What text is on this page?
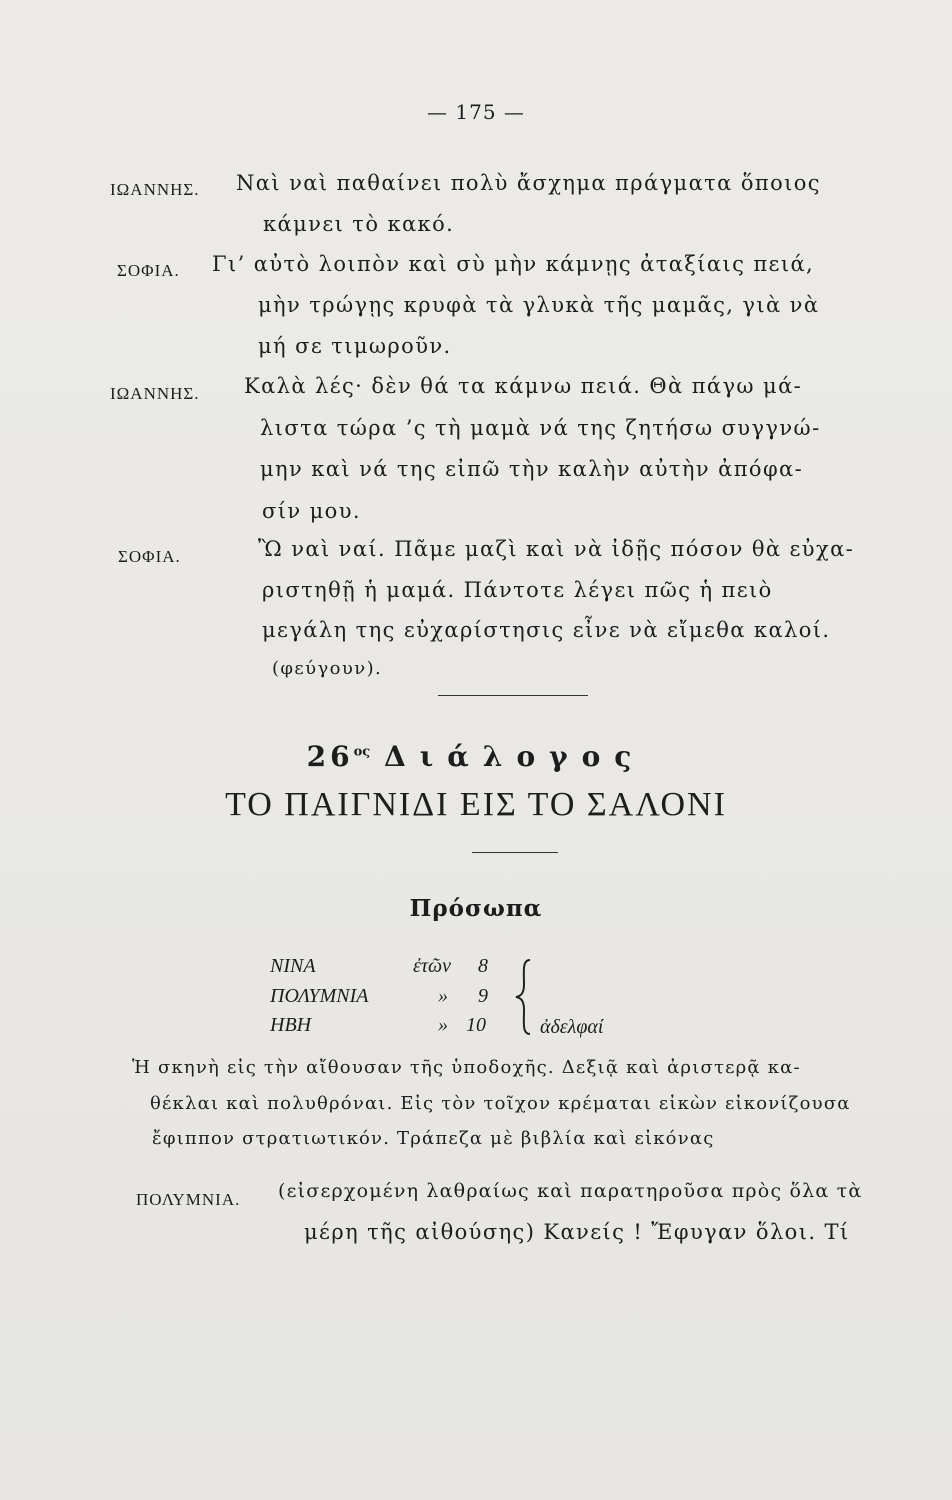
— 175 —
ΙΩΑΝΝΗΣ. Ναὶ ναὶ παθαίνει πολὺ ἄσχημα πράγματα ὅποιος
κάμνει τὸ κακό.
ΣΟΦΙΑ. Γι’ αὐτὸ λοιπὸν καὶ σὺ μὴν κάμνῃς ἀταξίαις πειά,
μὴν τρώγῃς κρυφὰ τὰ γλυκὰ τῆς μαμᾶς, γιὰ νὰ
μή σε τιμωροῦν.
ΙΩΑΝΝΗΣ. Καλὰ λές· δὲν θά τα κάμνω πειά. Θὰ πάγω μά-
λιστα τώρα ’ς τὴ μαμὰ νά της ζητήσω συγγνώ-
μην καὶ νά της εἰπῶ τὴν καλὴν αὐτὴν ἀπόφα-
σίν μου.
ΣΟΦΙΑ.	Ὢ ναὶ ναί. Πᾶμε μαζὶ καὶ νὰ ἰδῇς πόσον θὰ εὐχα-
ριστηθῇ ἡ μαμά. Πάντοτε λέγει πῶς ἡ πειὸ
μεγάλη της εὐχαρίστησις εἶνε νὰ εἴμεθα καλοί.
(φεύγουν).
$26^{o\varsigma}$ Διάλογος
ΤΟ ΠΑΙΓΝΙΔΙ ΕΙΣ ΤΟ ΣΑΛΟΝΙ
Πρόσωπα
ΝΙΝΑ	ἐτῶν 8
ΠΟΛΥΜΝΙΑ	» 9
ΗΒΗ	» 10	ἀδελφαί
Ἡ σκηνὴ εἰς τὴν αἴθουσαν τῆς ὑποδοχῆς. Δεξιᾷ καὶ ἀριστερᾷ κα-
θέκλαι καὶ πολυθρόναι. Εἰς τὸν τοῖχον κρέμαται εἰκὼν εἰκονίζουσα
ἔφιππον στρατιωτικόν. Τράπεζα μὲ βιβλία καὶ εἰκόνας
ΠΟΛΥΜΝΙΑ. (εἰσερχομένη λαθραίως καὶ παρατηροῦσα πρὸς ὅλα τὰ
μέρη τῆς αἰθούσης) Κανείς ! Ἔφυγαν ὅλοι. Τί
